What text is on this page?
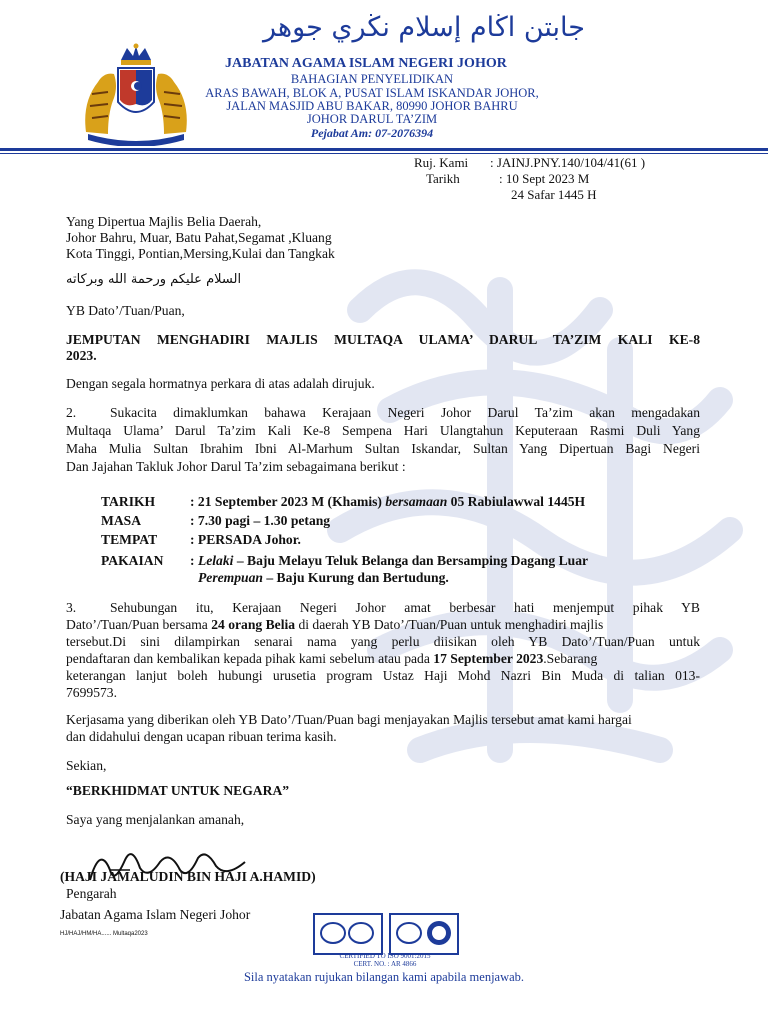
جابتن اڬام إسلام نڬري جوهر
JABATAN AGAMA ISLAM NEGERI JOHOR
BAHAGIAN PENYELIDIKAN
ARAS BAWAH, BLOK A, PUSAT ISLAM ISKANDAR JOHOR,
JALAN MASJID ABU BAKAR, 80990 JOHOR BAHRU
JOHOR DARUL TA’ZIM
Pejabat Am: 07-2076394
Ruj. Kami : JAINJ.PNY.140/104/41(61 )
Tarikh	: 10 Sept 2023 M
24 Safar 1445 H
Yang Dipertua Majlis Belia Daerah,
Johor Bahru, Muar, Batu Pahat,Segamat ,Kluang
Kota Tinggi, Pontian,Mersing,Kulai dan Tangkak
السلام عليكم ورحمة الله وبركاته
YB Dato’/Tuan/Puan,
JEMPUTAN MENGHADIRI MAJLIS MULTAQA ULAMA’ DARUL TA’ZIM KALI KE-8
2023.
Dengan segala hormatnya perkara di atas adalah dirujuk.
2. Sukacita dimaklumkan bahawa Kerajaan Negeri Johor Darul Ta’zim akan mengadakan
Multaqa Ulama’ Darul Ta’zim Kali Ke-8 Sempena Hari Ulangtahun Keputeraan Rasmi Duli Yang
Maha Mulia Sultan Ibrahim Ibni Al-Marhum Sultan Iskandar, Sultan Yang Dipertuan Bagi Negeri
Dan Jajahan Takluk Johor Darul Ta’zim sebagaimana berikut :
TARIKH	: 21 September 2023 M (Khamis) bersamaan 05 Rabiulawwal 1445H
MASA	: 7.30 pagi – 1.30 petang
TEMPAT : PERSADA Johor.
PAKAIAN : Lelaki – Baju Melayu Teluk Belanga dan Bersamping Dagang Luar
Perempuan – Baju Kurung dan Bertudung.
3. Sehubungan itu, Kerajaan Negeri Johor amat berbesar hati menjemput pihak YB
Dato’/Tuan/Puan bersama 24 orang Belia di daerah YB Dato’/Tuan/Puan untuk menghadiri majlis
tersebut.Di sini dilampirkan senarai nama yang perlu diisikan oleh YB Dato’/Tuan/Puan untuk
pendaftaran dan kembalikan kepada pihak kami sebelum atau pada 17 September 2023.Sebarang
keterangan lanjut boleh hubungi urusetia program Ustaz Haji Mohd Nazri Bin Muda di talian 013-
7699573.
Kerjasama yang diberikan oleh YB Dato’/Tuan/Puan bagi menjayakan Majlis tersebut amat kami hargai
dan didahului dengan ucapan ribuan terima kasih.
Sekian,
“BERKHIDMAT UNTUK NEGARA”
Saya yang menjalankan amanah,
(HAJI JAMALUDIN BIN HAJI A.HAMID)
Pengarah
Jabatan Agama Islam Negeri Johor
HJ/HAJ/HM/HA...... Multaqa2023
CERTIFIED TO ISO 9001:2015
CERT. NO. : AR 4866
Sila nyatakan rujukan bilangan kami apabila menjawab.
